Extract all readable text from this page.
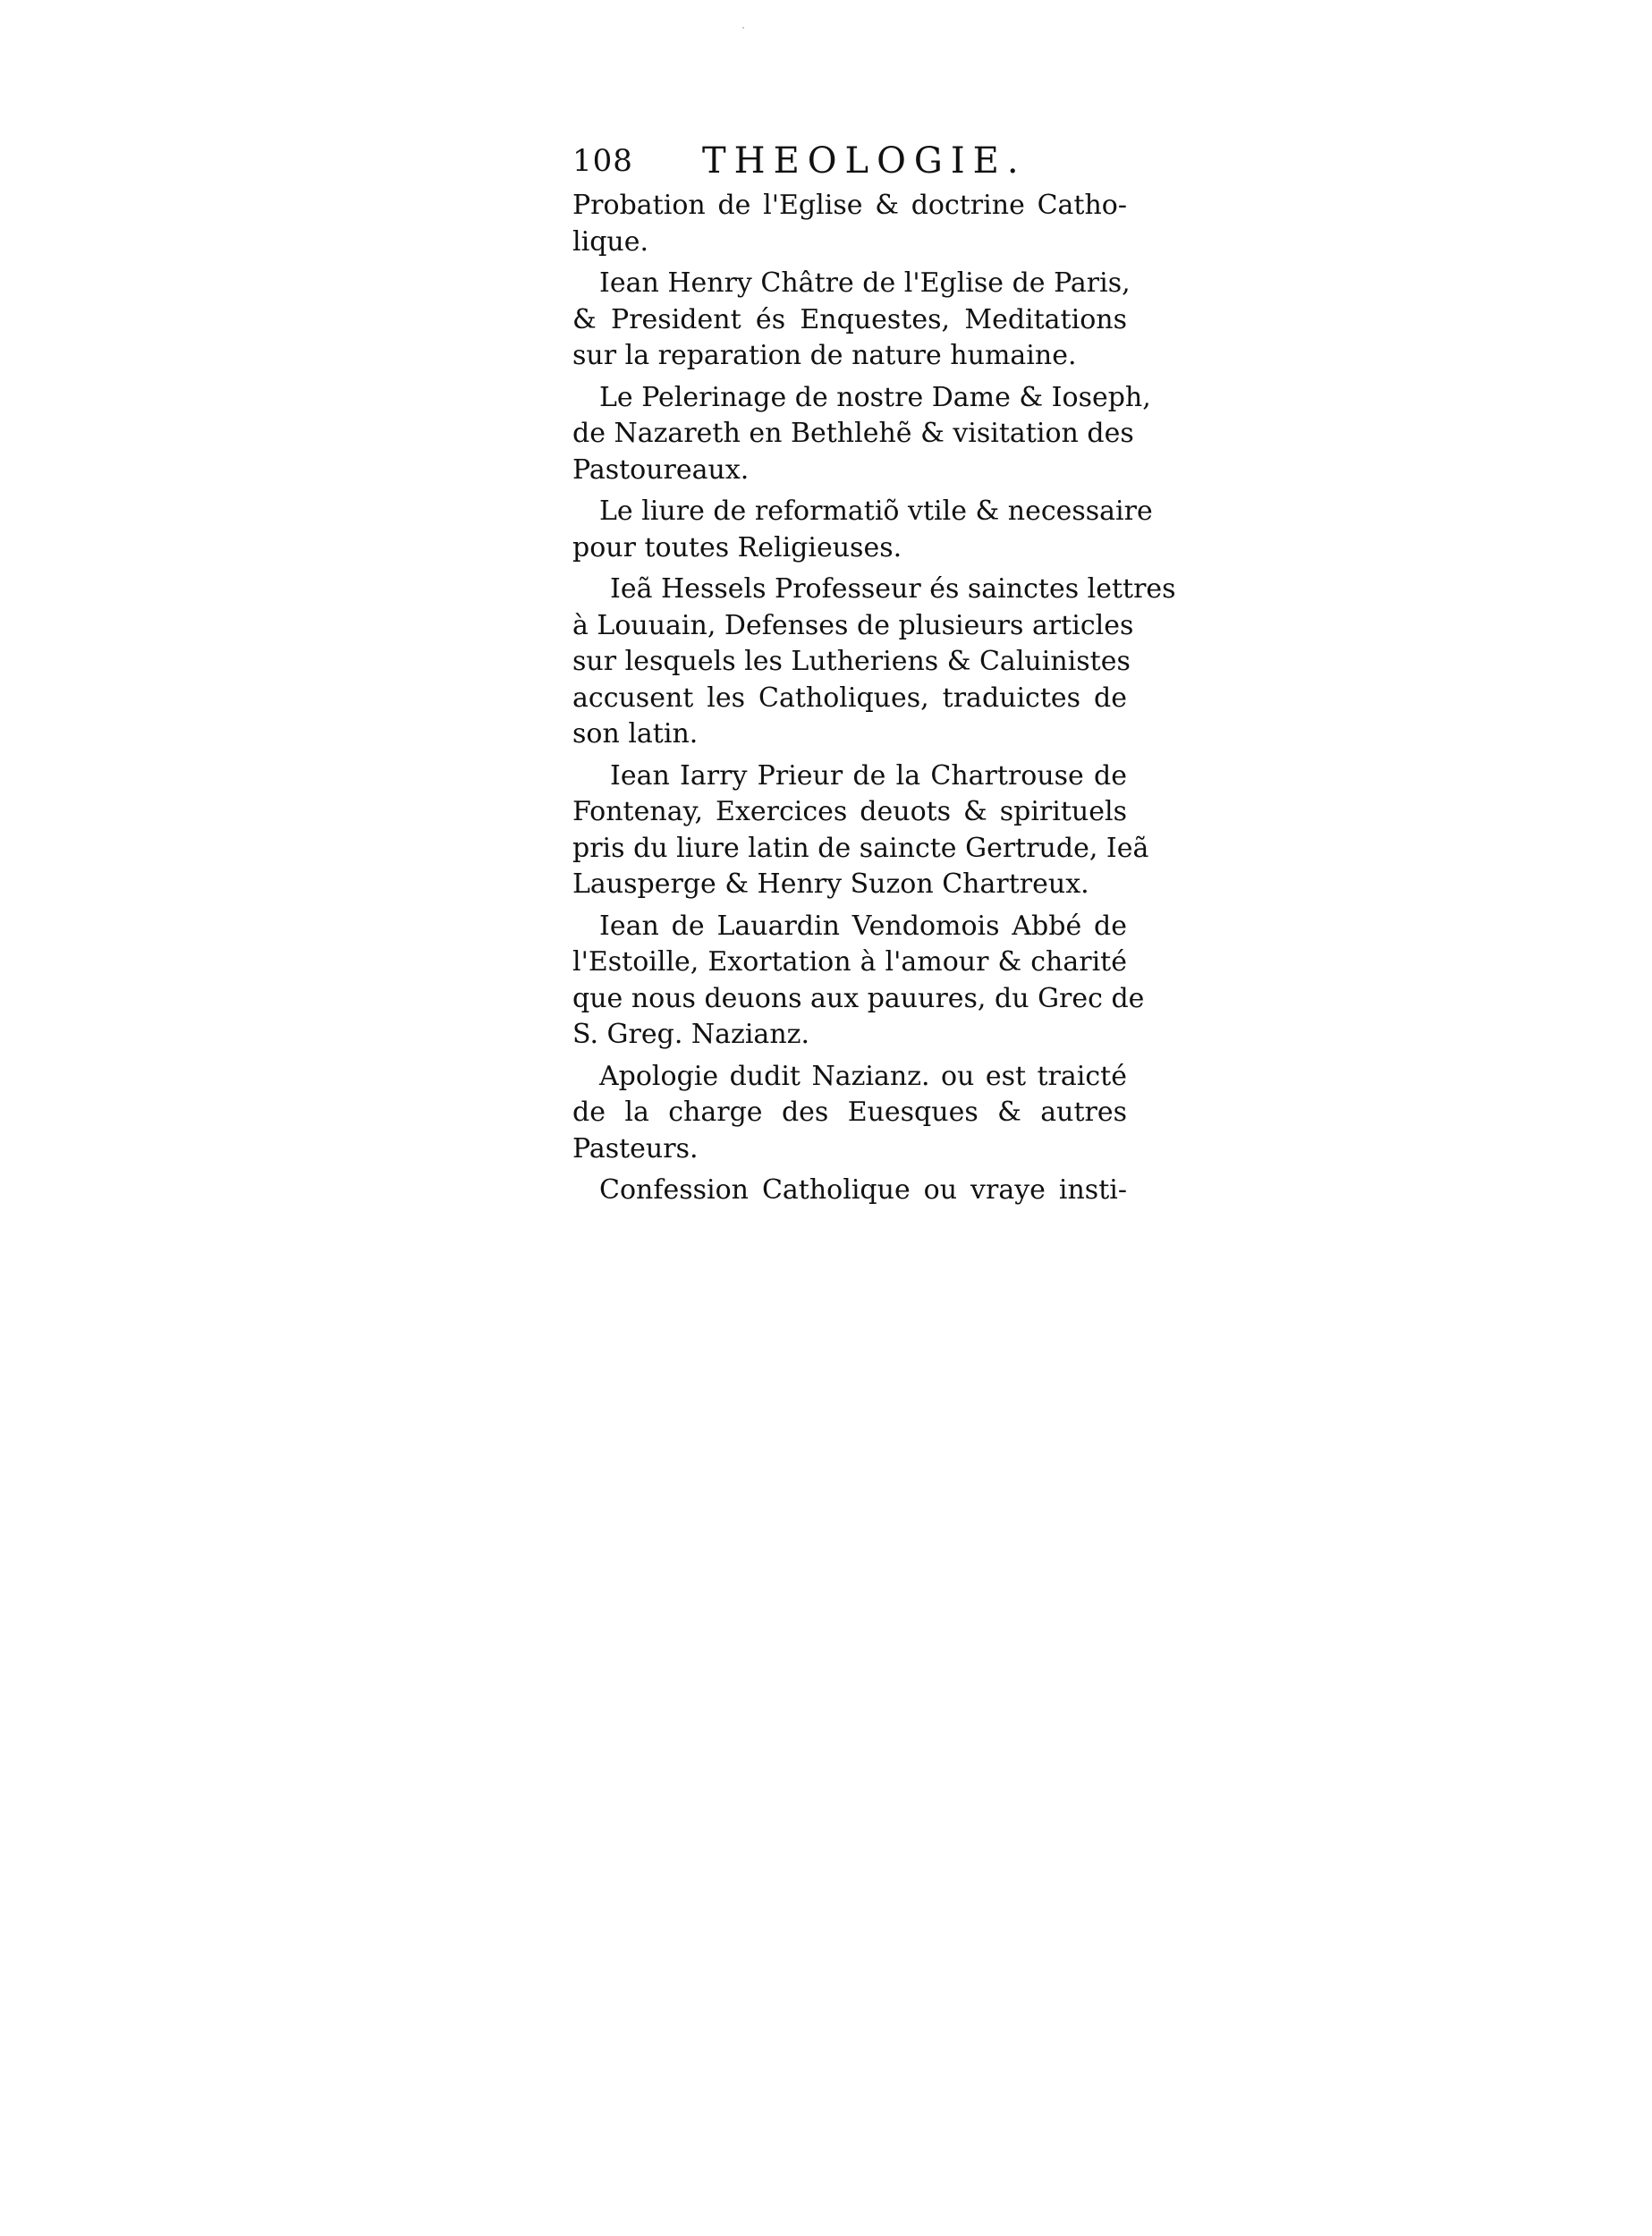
108 THEOLOGIE.
Probation de l'Eglise & doctrine Catho-
lique.
Iean Henry Châtre de l'Eglise de Paris,
& President és Enquestes, Meditations
sur la reparation de nature humaine.
Le Pelerinage de nostre Dame & Ioseph,
de Nazareth en Bethlehẽ & visitation des
Pastoureaux.
Le liure de reformatiõ vtile & necessaire
pour toutes Religieuses.
Ieã Hessels Professeur és sainctes lettres
à Louuain, Defenses de plusieurs articles
sur lesquels les Lutheriens & Caluinistes
accusent les Catholiques, traduictes de
son latin.
Iean Iarry Prieur de la Chartrouse de
Fontenay, Exercices deuots & spirituels
pris du liure latin de saincte Gertrude, Ieã
Lausperge & Henry Suzon Chartreux.
Iean de Lauardin Vendomois Abbé de
l'Estoille, Exortation à l'amour & charité
que nous deuons aux pauures, du Grec de
S. Greg. Nazianz.
Apologie dudit Nazianz. ou est traicté
de la charge des Euesques & autres
Pasteurs.
Confession Catholique ou vraye insti-
